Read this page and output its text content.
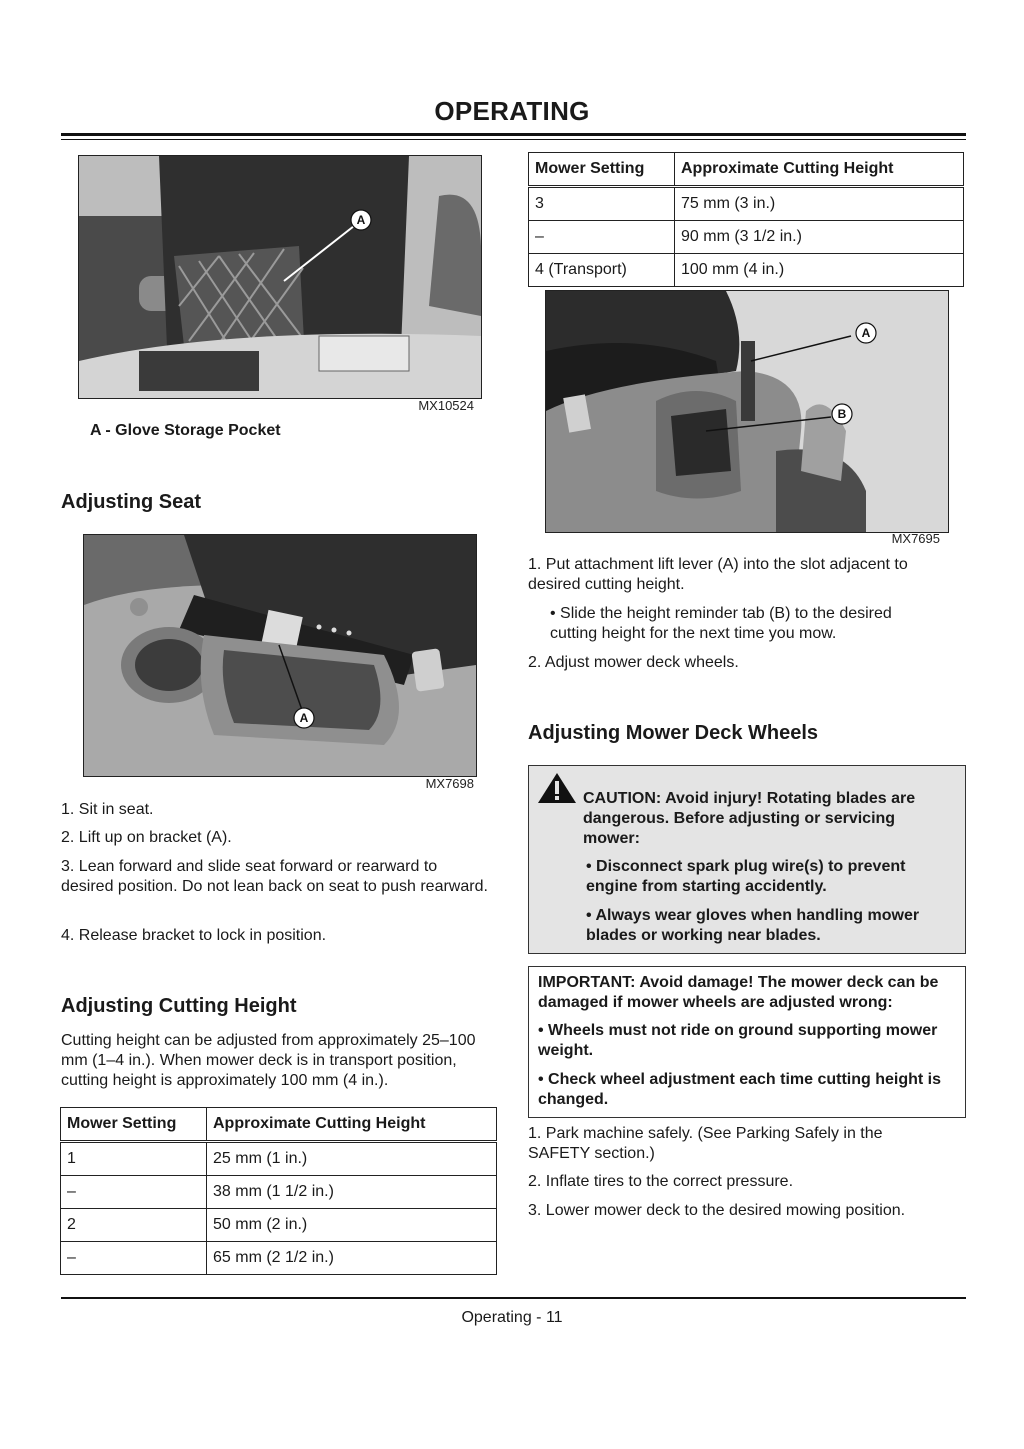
OPERATING
A
MX10524
A - Glove Storage Pocket
Adjusting Seat
A
MX7698

1. Sit in seat.

2. Lift up on bracket (A).

3. Lean forward and slide seat forward or rearward to desired position. Do not lean back on seat to push rearward.

4. Release bracket to lock in position.

Adjusting Cutting Height

Cutting height can be adjusted from approximately 25–100 mm (1–4 in.). When mower deck is in transport position, cutting height is approximately 100 mm (4 in.).

Mower Setting	Approximate Cutting Height
1	25 mm (1 in.)
–	38 mm (1 1/2 in.)
2	50 mm (2 in.)
–	65 mm (2 1/2 in.)
Mower Setting	Approximate Cutting Height
3	75 mm (3 in.)
–	90 mm (3 1/2 in.)
4 (Transport)	100 mm (4 in.)
A
B
MX7695

1. Put attachment lift lever (A) into the slot adjacent to desired cutting height.

• Slide the height reminder tab (B) to the desired cutting height for the next time you mow.

2. Adjust mower deck wheels.

Adjusting Mower Deck Wheels

CAUTION: Avoid injury! Rotating blades are dangerous. Before adjusting or servicing mower:

• Disconnect spark plug wire(s) to prevent engine from starting accidently.

• Always wear gloves when handling mower blades or working near blades.

IMPORTANT: Avoid damage! The mower deck can be damaged if mower wheels are adjusted wrong:

• Wheels must not ride on ground supporting mower weight.

• Check wheel adjustment each time cutting height is changed.

1. Park machine safely. (See Parking Safely in the SAFETY section.)

2. Inflate tires to the correct pressure.

3. Lower mower deck to the desired mowing position.

Operating - 11
